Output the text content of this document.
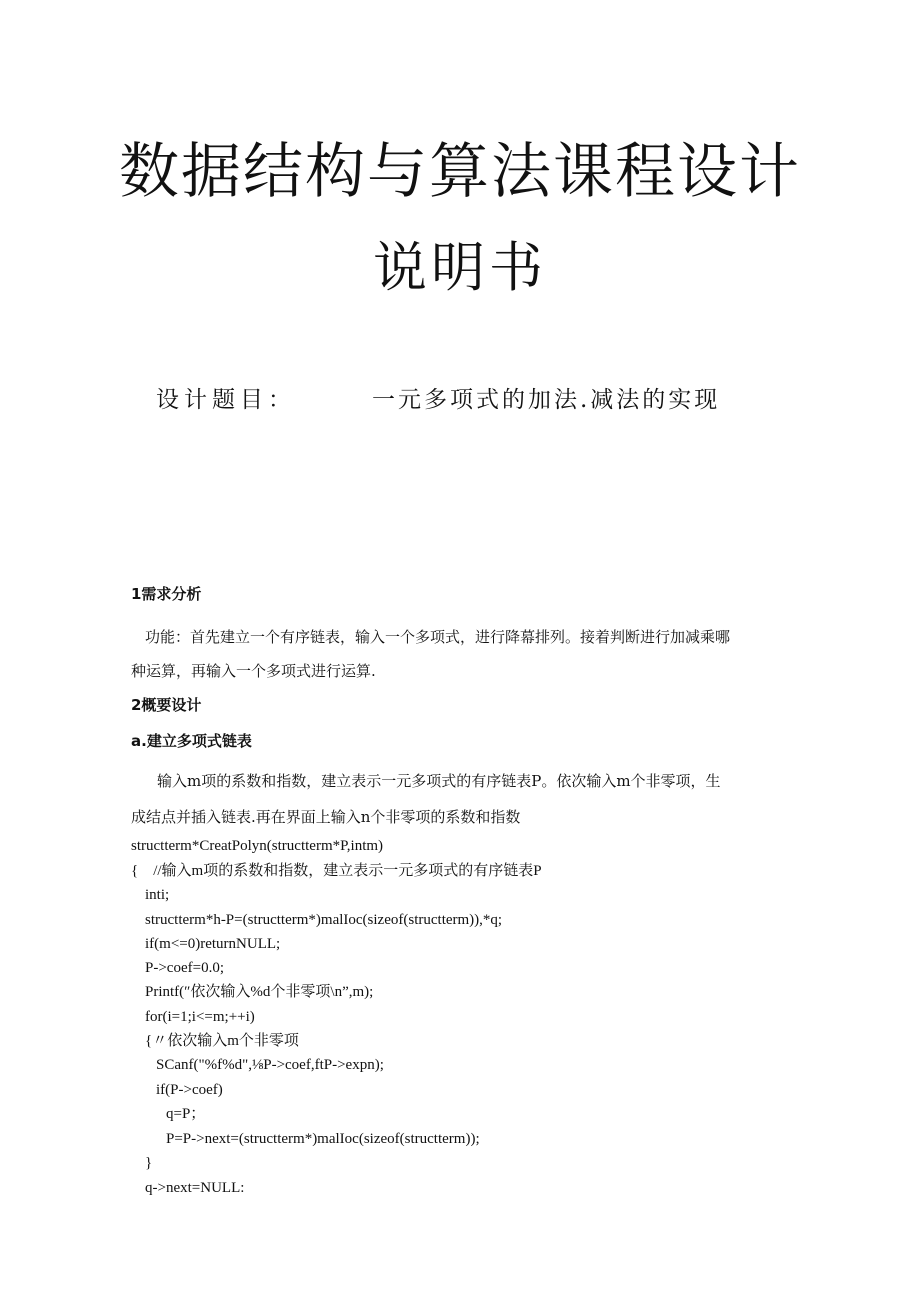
数据结构与算法课程设计
说明书
设计题目：	一元多项式的加法.减法的实现
1需求分析
功能：首先建立一个有序链表，输入一个多项式，进行降幕排列。接着判断进行加减乘哪
种运算，再输入一个多项式进行运算.
2概要设计
a.建立多项式链表
输入m项的系数和指数，建立表示一元多项式的有序链表P。依次输入m个非零项，生
成结点并插入链表.再在界面上输入n个非零项的系数和指数
structterm*CreatPolyn(structterm*P,intm)
{    //输入m项的系数和指数，建立表示一元多项式的有序链表P
inti;
structterm*h-P=(structterm*)malIoc(sizeof(structterm)),*q;
if(m<=0)returnNULL;
P->coef=0.0;
Printf(″依次输入%d个非零项\n”,m);
for(i=1;i<=m;++i)
{〃依次输入m个非零项
SCanf("%f%d",⅛P->coef,ftP->expn);
if(P->coef)
q=P；
P=P->next=(structterm*)malIoc(sizeof(structterm));
}
q->next=NULL:
